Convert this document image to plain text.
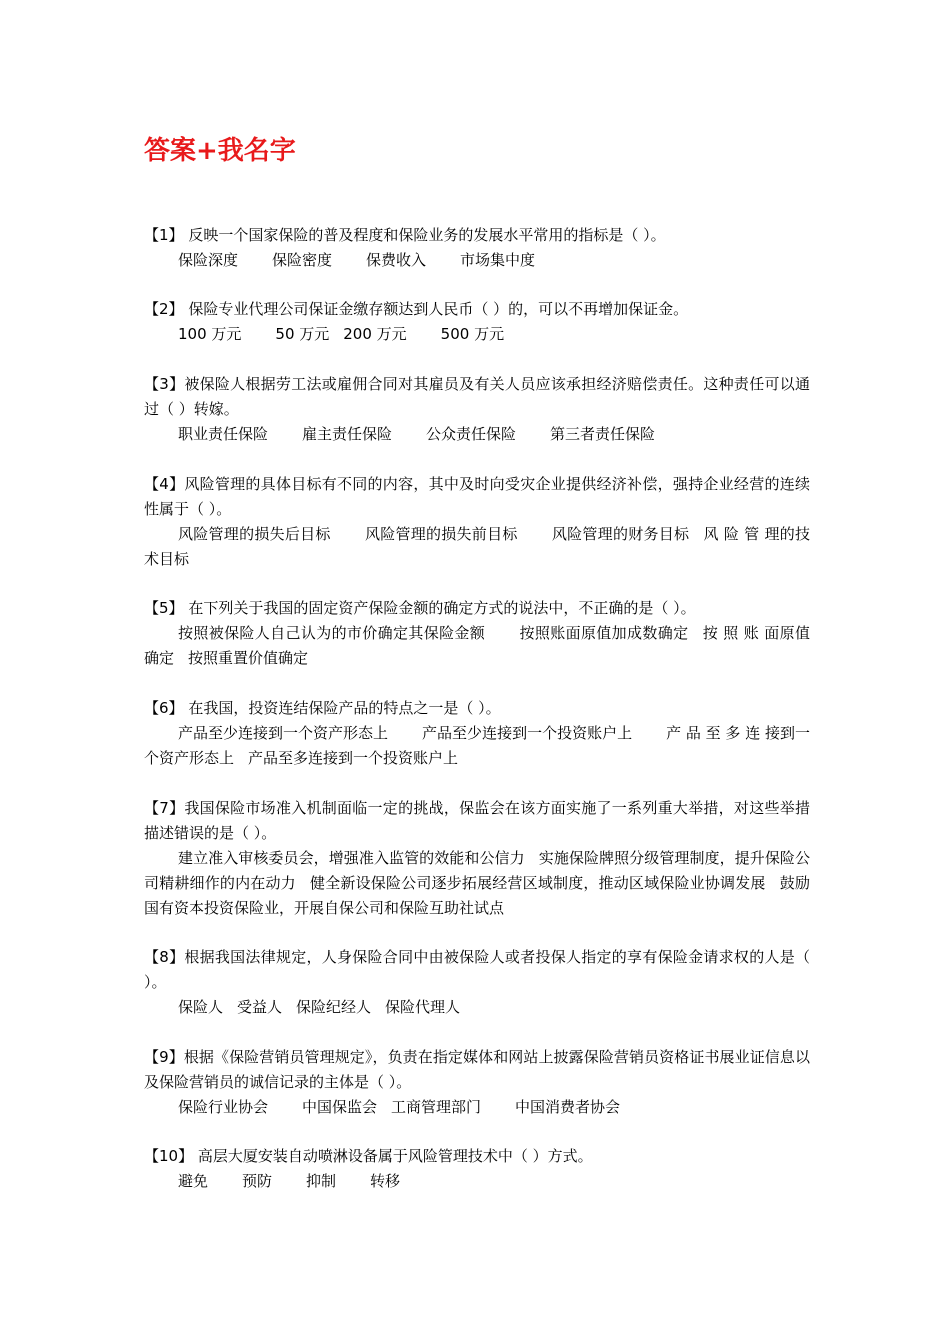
答案+我名字

【1】 反映一个国家保险的普及程度和保险业务的发展水平常用的指标是（ ）。

保险深度 保险密度 保费收入 市场集中度

【2】 保险专业代理公司保证金缴存额达到人民币（ ）的，可以不再增加保证金。

100 万元 50 万元 200 万元 500 万元

【3】被保险人根据劳工法或雇佣合同对其雇员及有关人员应该承担经济赔偿责任。这种责任可以通过（ ）转嫁。

职业责任保险 雇主责任保险 公众责任保险 第三者责任保险

【4】风险管理的具体目标有不同的内容，其中及时向受灾企业提供经济补偿，强持企业经营的连续性属于（ ）。

风险管理的损失后目标 风险管理的损失前目标 风险管理的财务目标 风 险 管 理的技术目标

【5】 在下列关于我国的固定资产保险金额的确定方式的说法中，不正确的是（ ）。

按照被保险人自己认为的市价确定其保险金额 按照账面原值加成数确定 按 照 账 面原值确定 按照重置价值确定

【6】 在我国，投资连结保险产品的特点之一是（ ）。

产品至少连接到一个资产形态上 产品至少连接到一个投资账户上 产 品 至 多 连 接到一个资产形态上 产品至多连接到一个投资账户上

【7】我国保险市场准入机制面临一定的挑战，保监会在该方面实施了一系列重大举措，对这些举措描述错误的是（ ）。

建立准入审核委员会，增强准入监管的效能和公信力 实施保险牌照分级管理制度，提升保险公司精耕细作的内在动力 健全新设保险公司逐步拓展经营区域制度，推动区域保险业协调发展 鼓励国有资本投资保险业，开展自保公司和保险互助社试点

【8】根据我国法律规定，人身保险合同中由被保险人或者投保人指定的享有保险金请求权的人是（ ）。

保险人 受益人 保险纪经人 保险代理人

【9】根据《保险营销员管理规定》，负责在指定媒体和网站上披露保险营销员资格证书展业证信息以及保险营销员的诚信记录的主体是（ ）。

保险行业协会 中国保监会 工商管理部门 中国消费者协会

【10】 高层大厦安装自动喷淋设备属于风险管理技术中（ ）方式。

避免 预防 抑制 转移
